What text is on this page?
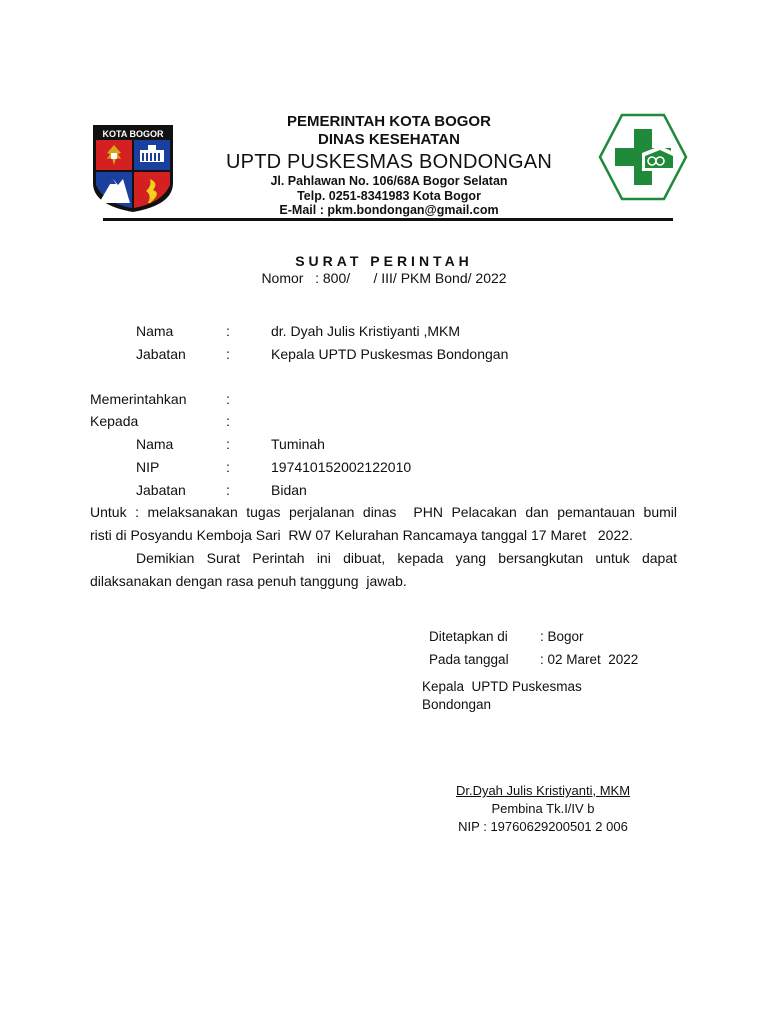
KOTA BOGOR
PEMERINTAH KOTA BOGOR
DINAS KESEHATAN
UPTD PUSKESMAS BONDONGAN
Jl. Pahlawan No. 106/68A Bogor Selatan
Telp. 0251-8341983 Kota Bogor
E-Mail : pkm.bondongan@gmail.com
SURAT PERINTAH
Nomor   : 800/      / III/ PKM Bond/ 2022
Nama	:	dr. Dyah Julis Kristiyanti ,MKM
Jabatan	:	Kepala UPTD Puskesmas Bondongan
Memerintahkan	:
Kepada	:
Nama	:	Tuminah
NIP	:	197410152002122010
Jabatan	:	Bidan
Untuk : melaksanakan tugas perjalanan dinas  PHN Pelacakan dan pemantauan bumil
risti di Posyandu Kemboja Sari  RW 07 Kelurahan Rancamaya tanggal 17 Maret   2022.
Demikian Surat Perintah ini dibuat, kepada yang bersangkutan untuk dapat
dilaksanakan dengan rasa penuh tanggung  jawab.
Ditetapkan di : Bogor
Pada tanggal : 02 Maret  2022
Kepala  UPTD Puskesmas
Bondongan
Dr.Dyah Julis Kristiyanti, MKM
Pembina Tk.I/IV b
NIP : 19760629200501 2 006
